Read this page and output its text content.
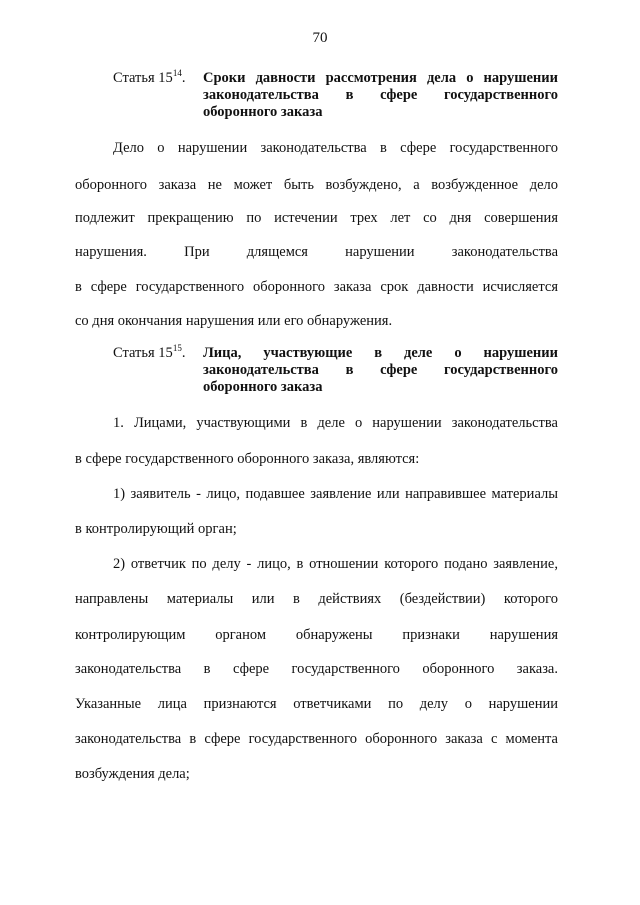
70
Статья $15^{14}$.	Сроки давности рассмотрения дела о нарушении
законодательства в сфере государственного
оборонного заказа
Дело о нарушении законодательства в сфере государственного
оборонного заказа не может быть возбуждено, а возбужденное дело
подлежит прекращению по истечении трех лет со дня совершения
нарушения. При длящемся нарушении законодательства
в сфере государственного оборонного заказа срок давности исчисляется
со дня окончания нарушения или его обнаружения.
Статья $15^{15}$.	Лица, участвующие в деле о нарушении
законодательства в сфере государственного
оборонного заказа
1. Лицами, участвующими в деле о нарушении законодательства
в сфере государственного оборонного заказа, являются:
1) заявитель - лицо, подавшее заявление или направившее материалы
в контролирующий орган;
2) ответчик по делу - лицо, в отношении которого подано заявление,
направлены материалы или в действиях (бездействии) которого
контролирующим органом обнаружены признаки нарушения
законодательства в сфере государственного оборонного заказа.
Указанные лица признаются ответчиками по делу о нарушении
законодательства в сфере государственного оборонного заказа с момента
возбуждения дела;
